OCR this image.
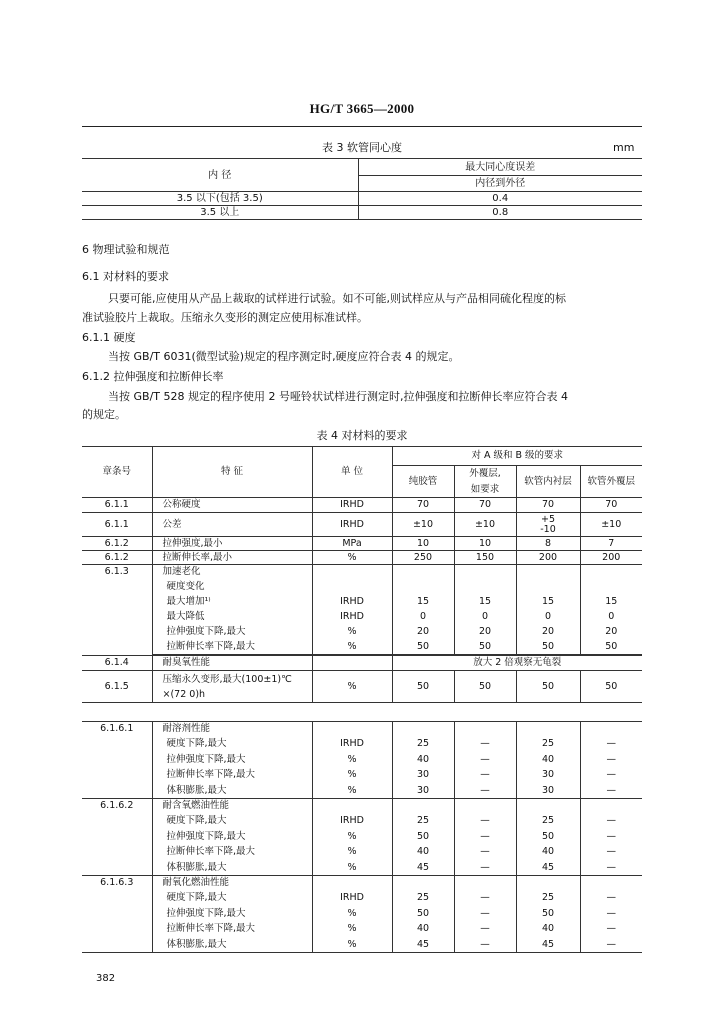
HG/T 3665—2000
表 3 软管同心度	mm
内 径	最大同心度误差
	内径到外径
3.5 以下(包括 3.5)	0.4
3.5 以上	0.8
6 物理试验和规范
6.1 对材料的要求
只要可能,应使用从产品上裁取的试样进行试验。如不可能,则试样应从与产品相同硫化程度的标
准试验胶片上裁取。压缩永久变形的测定应使用标准试样。
6.1.1 硬度
当按 GB/T 6031(微型试验)规定的程序测定时,硬度应符合表 4 的规定。
6.1.2 拉伸强度和拉断伸长率
当按 GB/T 528 规定的程序使用 2 号哑铃状试样进行测定时,拉伸强度和拉断伸长率应符合表 4
的规定。
表 4 对材料的要求
章条号	特 征	单 位	对 A 级和 B 级的要求			
			纯胶管	外覆层,	软管内衬层	软管外覆层
				如要求		
6.1.1	公称硬度	IRHD	70	70	70	70
6.1.1	公差	IRHD	±10	±10	+5
-10	±10
6.1.2	拉伸强度,最小	MPa	10	10	8	7
6.1.2	拉断伸长率,最小	%	250	150	200	200
6.1.3	加速老化					
	硬度变化					
	最大增加¹⁾	IRHD	15	15	15	15
	最大降低	IRHD	0	0	0	0
	拉伸强度下降,最大	%	20	20	20	20
	拉断伸长率下降,最大	%	50	50	50	50

6.1.4	耐臭氧性能		放大 2 倍观察无龟裂			
6.1.5	压缩永久变形,最大(100±1)℃
×(72 0)h	%	50	50	50	50
6.1.6.1	耐溶剂性能					
	硬度下降,最大	IRHD	25	—	25	—
	拉伸强度下降,最大	%	40	—	40	—
	拉断伸长率下降,最大	%	30	—	30	—
	体积膨胀,最大	%	30	—	30	—
6.1.6.2	耐含氧燃油性能					
	硬度下降,最大	IRHD	25	—	25	—
	拉伸强度下降,最大	%	50	—	50	—
	拉断伸长率下降,最大	%	40	—	40	—
	体积膨胀,最大	%	45	—	45	—
6.1.6.3	耐氧化燃油性能					
	硬度下降,最大	IRHD	25	—	25	—
	拉伸强度下降,最大	%	50	—	50	—
	拉断伸长率下降,最大	%	40	—	40	—
	体积膨胀,最大	%	45	—	45	—
382
